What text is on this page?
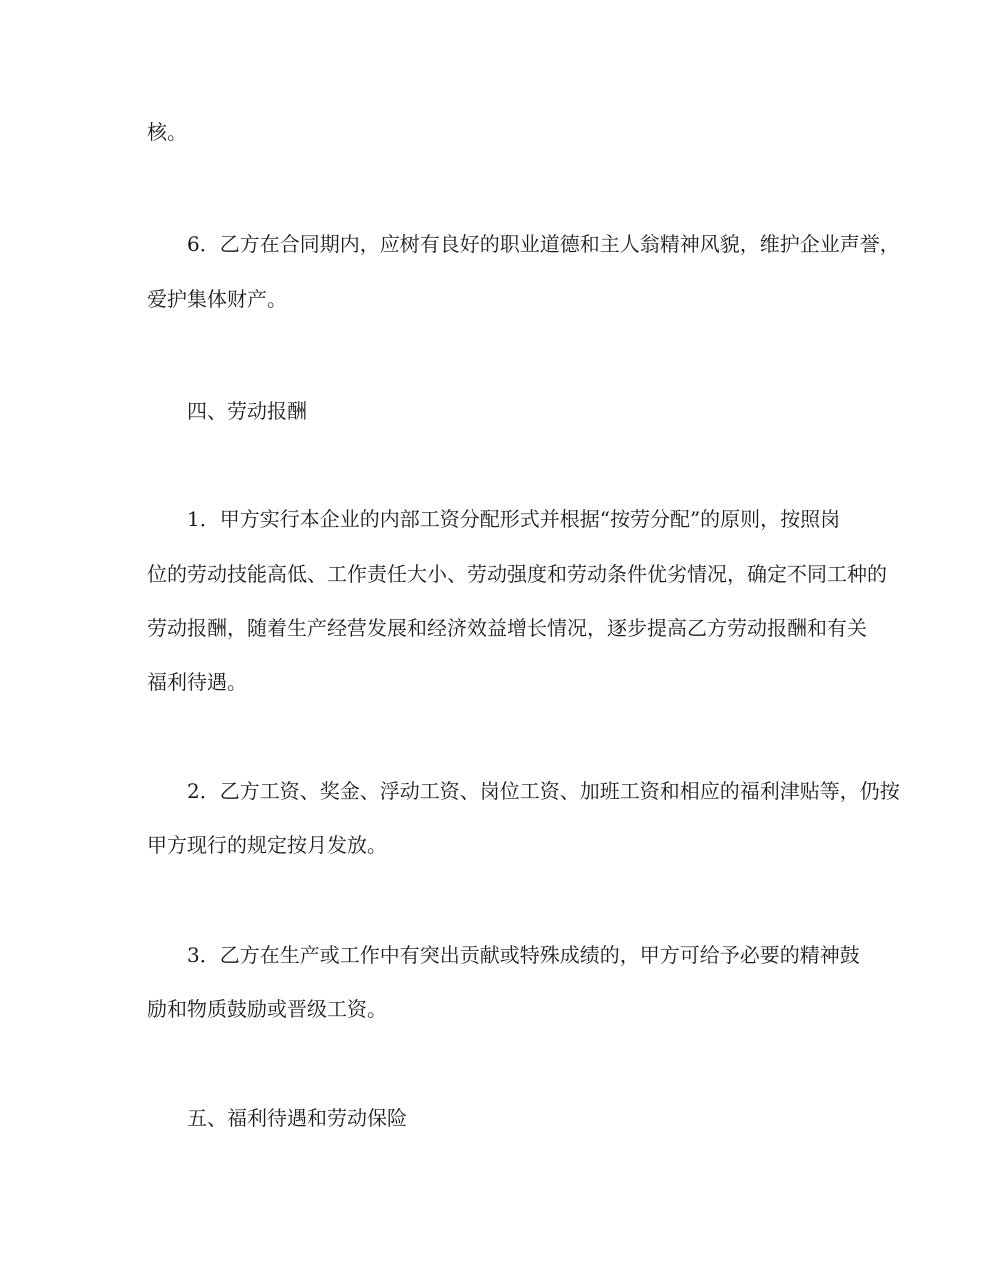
核。

6．乙方在合同期内，应树有良好的职业道德和主人翁精神风貌，维护企业声誉，

爱护集体财产。

四、劳动报酬

1．甲方实行本企业的内部工资分配形式并根据“按劳分配”的原则，按照岗

位的劳动技能高低、工作责任大小、劳动强度和劳动条件优劣情况，确定不同工种的

劳动报酬，随着生产经营发展和经济效益增长情况，逐步提高乙方劳动报酬和有关

福利待遇。

2．乙方工资、奖金、浮动工资、岗位工资、加班工资和相应的福利津贴等，仍按

甲方现行的规定按月发放。

3．乙方在生产或工作中有突出贡献或特殊成绩的，甲方可给予必要的精神鼓

励和物质鼓励或晋级工资。

五、福利待遇和劳动保险
